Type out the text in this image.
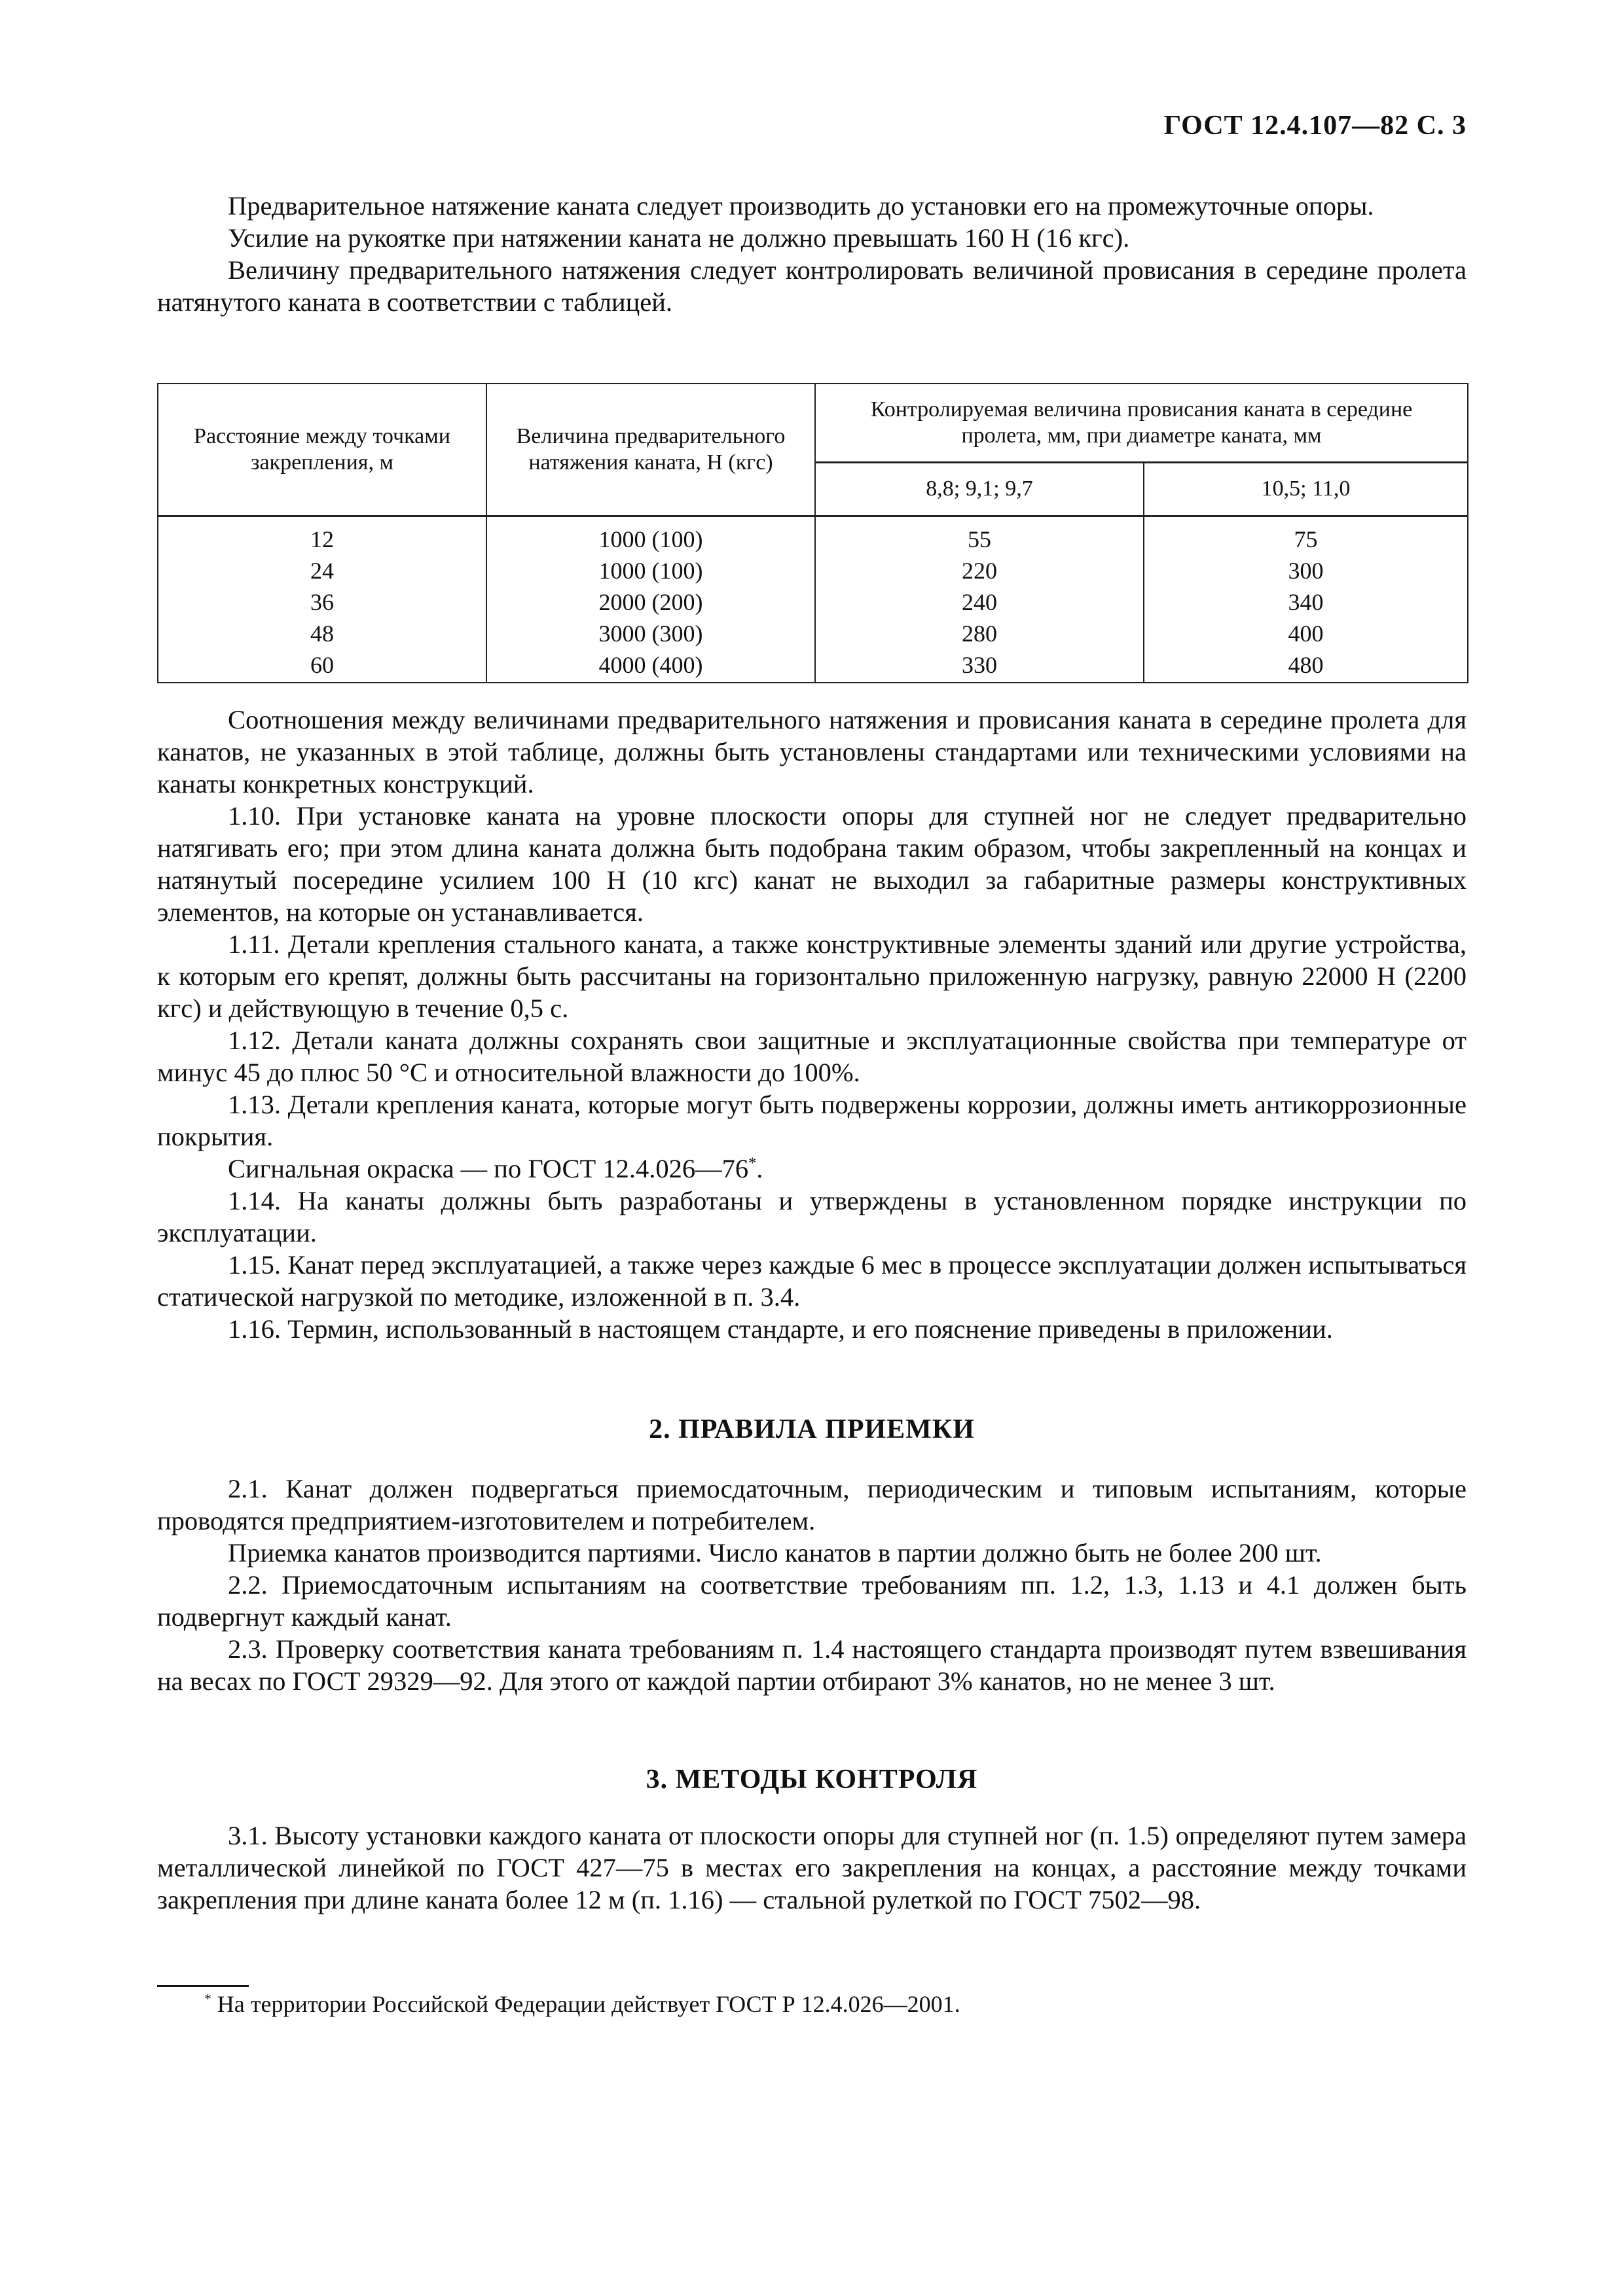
ГОСТ 12.4.107—82 С. 3

Предварительное натяжение каната следует производить до установки его на промежуточные опоры.

Усилие на рукоятке при натяжении каната не должно превышать 160 Н (16 кгс).

Величину предварительного натяжения следует контролировать величиной провисания в середине пролета натянутого каната в соответствии с таблицей.

Расстояние между точками закрепления, м	Величина предварительного натяжения каната, Н (кгс)	Контролируемая величина провисания каната в середине пролета, мм, при диаметре каната, мм	
		8,8; 9,1; 9,7	10,5; 11,0
12	1000 (100)	55	75
24	1000 (100)	220	300
36	2000 (200)	240	340
48	3000 (300)	280	400
60	4000 (400)	330	480

Соотношения между величинами предварительного натяжения и провисания каната в середине пролета для канатов, не указанных в этой таблице, должны быть установлены стандартами или техническими условиями на канаты конкретных конструкций.

1.10. При установке каната на уровне плоскости опоры для ступней ног не следует предварительно натягивать его; при этом длина каната должна быть подобрана таким образом, чтобы закрепленный на концах и натянутый посередине усилием 100 Н (10 кгс) канат не выходил за габаритные размеры конструктивных элементов, на которые он устанавливается.

1.11. Детали крепления стального каната, а также конструктивные элементы зданий или другие устройства, к которым его крепят, должны быть рассчитаны на горизонтально приложенную нагрузку, равную 22000 Н (2200 кгс) и действующую в течение 0,5 с.

1.12. Детали каната должны сохранять свои защитные и эксплуатационные свойства при температуре от минус 45 до плюс 50 °С и относительной влажности до 100%.

1.13. Детали крепления каната, которые могут быть подвержены коррозии, должны иметь антикоррозионные покрытия.

Сигнальная окраска — по ГОСТ 12.4.026—76*.

1.14. На канаты должны быть разработаны и утверждены в установленном порядке инструкции по эксплуатации.

1.15. Канат перед эксплуатацией, а также через каждые 6 мес в процессе эксплуатации должен испытываться статической нагрузкой по методике, изложенной в п. 3.4.

1.16. Термин, использованный в настоящем стандарте, и его пояснение приведены в приложении.

2. ПРАВИЛА ПРИЕМКИ

2.1. Канат должен подвергаться приемосдаточным, периодическим и типовым испытаниям, которые проводятся предприятием-изготовителем и потребителем.

Приемка канатов производится партиями. Число канатов в партии должно быть не более 200 шт.

2.2. Приемосдаточным испытаниям на соответствие требованиям пп. 1.2, 1.3, 1.13 и 4.1 должен быть подвергнут каждый канат.

2.3. Проверку соответствия каната требованиям п. 1.4 настоящего стандарта производят путем взвешивания на весах по ГОСТ 29329—92. Для этого от каждой партии отбирают 3% канатов, но не менее 3 шт.

3. МЕТОДЫ КОНТРОЛЯ

3.1. Высоту установки каждого каната от плоскости опоры для ступней ног (п. 1.5) определяют путем замера металлической линейкой по ГОСТ 427—75 в местах его закрепления на концах, а расстояние между точками закрепления при длине каната более 12 м (п. 1.16) — стальной рулеткой по ГОСТ 7502—98.

* На территории Российской Федерации действует ГОСТ Р 12.4.026—2001.
